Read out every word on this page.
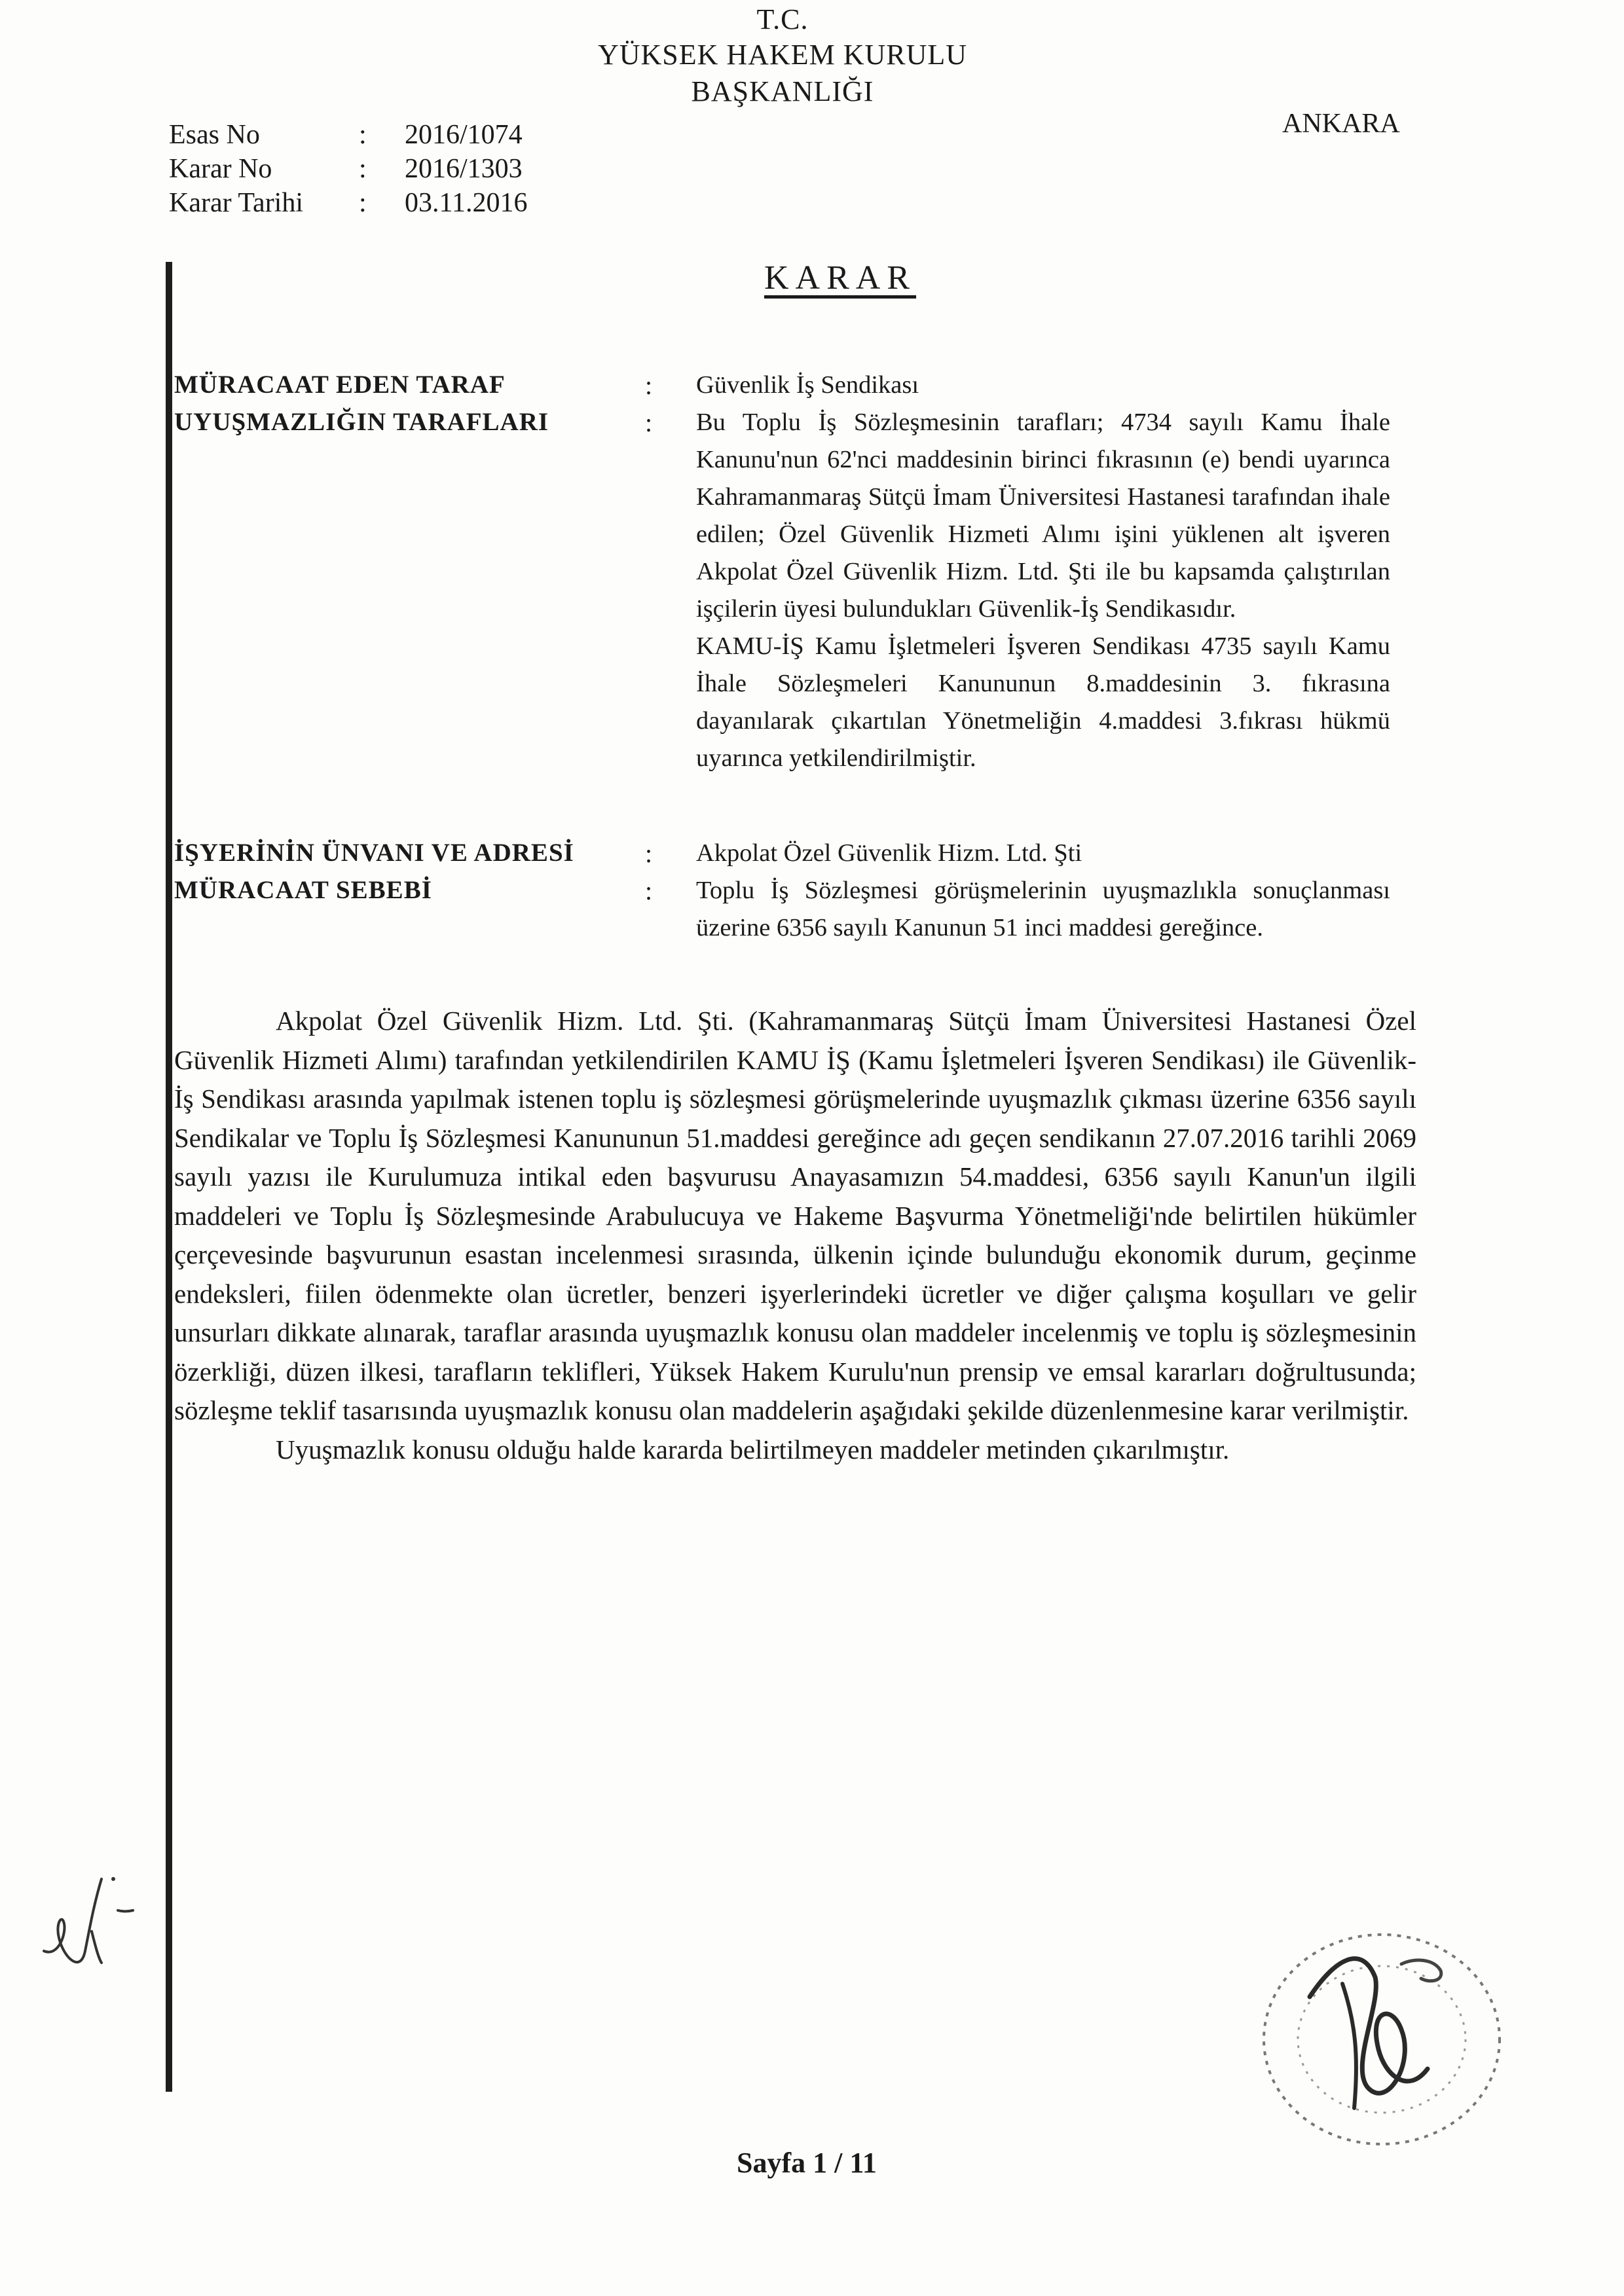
T.C.
YÜKSEK HAKEM KURULU
BAŞKANLIĞI
ANKARA
Esas No	: 2016/1074
Karar No	: 2016/1303
Karar Tarihi : 03.11.2016
KARAR
MÜRACAAT EDEN TARAF	: Güvenlik İş Sendikası

UYUŞMAZLIĞIN TARAFLARI	: Bu Toplu İş Sözleşmesinin tarafları; 4734 sayılı Kamu İhale Kanunu'nun 62'nci maddesinin birinci fıkrasının (e) bendi uyarınca Kahramanmaraş Sütçü İmam Üniversitesi Hastanesi tarafından ihale edilen; Özel Güvenlik Hizmeti Alımı işini yüklenen alt işveren Akpolat Özel Güvenlik Hizm. Ltd. Şti ile bu kapsamda çalıştırılan işçilerin üyesi bulundukları Güvenlik-İş Sendikasıdır.

KAMU-İŞ Kamu İşletmeleri İşveren Sendikası 4735 sayılı Kamu İhale Sözleşmeleri Kanununun 8.maddesinin 3. fıkrasına dayanılarak çıkartılan Yönetmeliğin 4.maddesi 3.fıkrası hükmü uyarınca yetkilendirilmiştir.

İŞYERİNİN ÜNVANI VE ADRESİ	: Akpolat Özel Güvenlik Hizm. Ltd. Şti

MÜRACAAT SEBEBİ	: Toplu İş Sözleşmesi görüşmelerinin uyuşmazlıkla sonuçlanması üzerine 6356 sayılı Kanunun 51 inci maddesi gereğince.

Akpolat Özel Güvenlik Hizm. Ltd. Şti. (Kahramanmaraş Sütçü İmam Üniversitesi Hastanesi Özel Güvenlik Hizmeti Alımı) tarafından yetkilendirilen KAMU İŞ (Kamu İşletmeleri İşveren Sendikası) ile Güvenlik-İş Sendikası arasında yapılmak istenen toplu iş sözleşmesi görüşmelerinde uyuşmazlık çıkması üzerine 6356 sayılı Sendikalar ve Toplu İş Sözleşmesi Kanununun 51.maddesi gereğince adı geçen sendikanın 27.07.2016 tarihli 2069 sayılı yazısı ile Kurulumuza intikal eden başvurusu Anayasamızın 54.maddesi, 6356 sayılı Kanun'un ilgili maddeleri ve Toplu İş Sözleşmesinde Arabulucuya ve Hakeme Başvurma Yönetmeliği'nde belirtilen hükümler çerçevesinde başvurunun esastan incelenmesi sırasında, ülkenin içinde bulunduğu ekonomik durum, geçinme endeksleri, fiilen ödenmekte olan ücretler, benzeri işyerlerindeki ücretler ve diğer çalışma koşulları ve gelir unsurları dikkate alınarak, taraflar arasında uyuşmazlık konusu olan maddeler incelenmiş ve toplu iş sözleşmesinin özerkliği, düzen ilkesi, tarafların teklifleri, Yüksek Hakem Kurulu'nun prensip ve emsal kararları doğrultusunda; sözleşme teklif tasarısında uyuşmazlık konusu olan maddelerin aşağıdaki şekilde düzenlenmesine karar verilmiştir.

Uyuşmazlık konusu olduğu halde kararda belirtilmeyen maddeler metinden çıkarılmıştır.

Sayfa 1 / 11
